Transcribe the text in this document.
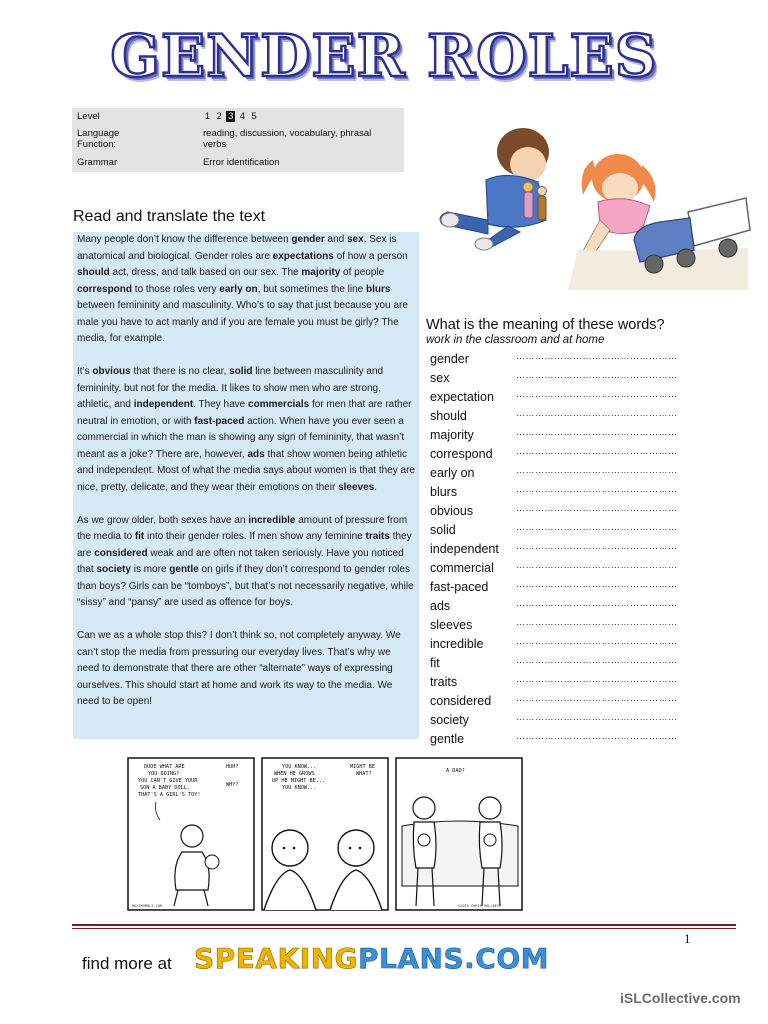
GENDER ROLES
Level	1 2 3 4 5
Language Function:
reading, discussion, vocabulary, phrasal verbs
Grammar	Error identification
Read and translate the text

Many people don’t know the difference between gender and sex. Sex is anatomical and biological. Gender roles are expectations of how a person should act, dress, and talk based on our sex. The majority of people correspond to those roles very early on, but sometimes the line blurs between femininity and masculinity. Who’s to say that just because you are male you have to act manly and if you are female you must be girly? The media, for example.

It’s obvious that there is no clear, solid line between masculinity and femininity, but not for the media. It likes to show men who are strong, athletic, and independent. They have commercials for men that are rather neutral in emotion, or with fast-paced action. When have you ever seen a commercial in which the man is showing any sign of femininity, that wasn’t meant as a joke? There are, however, ads that show women being athletic and independent. Most of what the media says about women is that they are nice, pretty, delicate, and they wear their emotions on their sleeves.

As we grow older, both sexes have an incredible amount of pressure from the media to fit into their gender roles. If men show any feminine traits they are considered weak and are often not taken seriously. Have you noticed that society is more gentle on girls if they don’t correspond to gender roles than boys? Girls can be “tomboys”, but that’s not necessarily negative, while “sissy” and “pansy” are used as offence for boys.

Can we as a whole stop this? I don’t think so, not completely anyway. We can’t stop the media from pressuring our everyday lives. That’s why we need to demonstrate that there are other “alternate” ways of expressing ourselves. This should start at home and work its way to the media. We need to be open!

What is the meaning of these words?
work in the classroom and at home
gender	……………………………………………
sex	……………………………………………
expectation ……………………………………………
should	……………………………………………
majority	……………………………………………
correspond	……………………………………………
early on	……………………………………………
blurs	……………………………………………
obvious	……………………………………………
solid	……………………………………………
independent ……………………………………………
commercial ……………………………………………
fast-paced	……………………………………………
ads	……………………………………………
sleeves	……………………………………………
incredible	……………………………………………
fit	……………………………………………
traits	……………………………………………
considered	……………………………………………
society	……………………………………………
gentle	……………………………………………
DUDE WHAT ARE YOU DOING? YOU CAN'T GIVE YOUR SON A BABY DOLL. THAT'S A GIRL'S TOY!
HUH?
WHY?
MAXIMUMBLE.COM
YOU KNOW... WHEN HE GROWS UP HE MIGHT BE... YOU KNOW...
MIGHT BE WHAT?	A DAD?
©2010 CHRIS HALLBECK
1
find more at SPEAKINGPLANS.COM
iSLCollective.com
